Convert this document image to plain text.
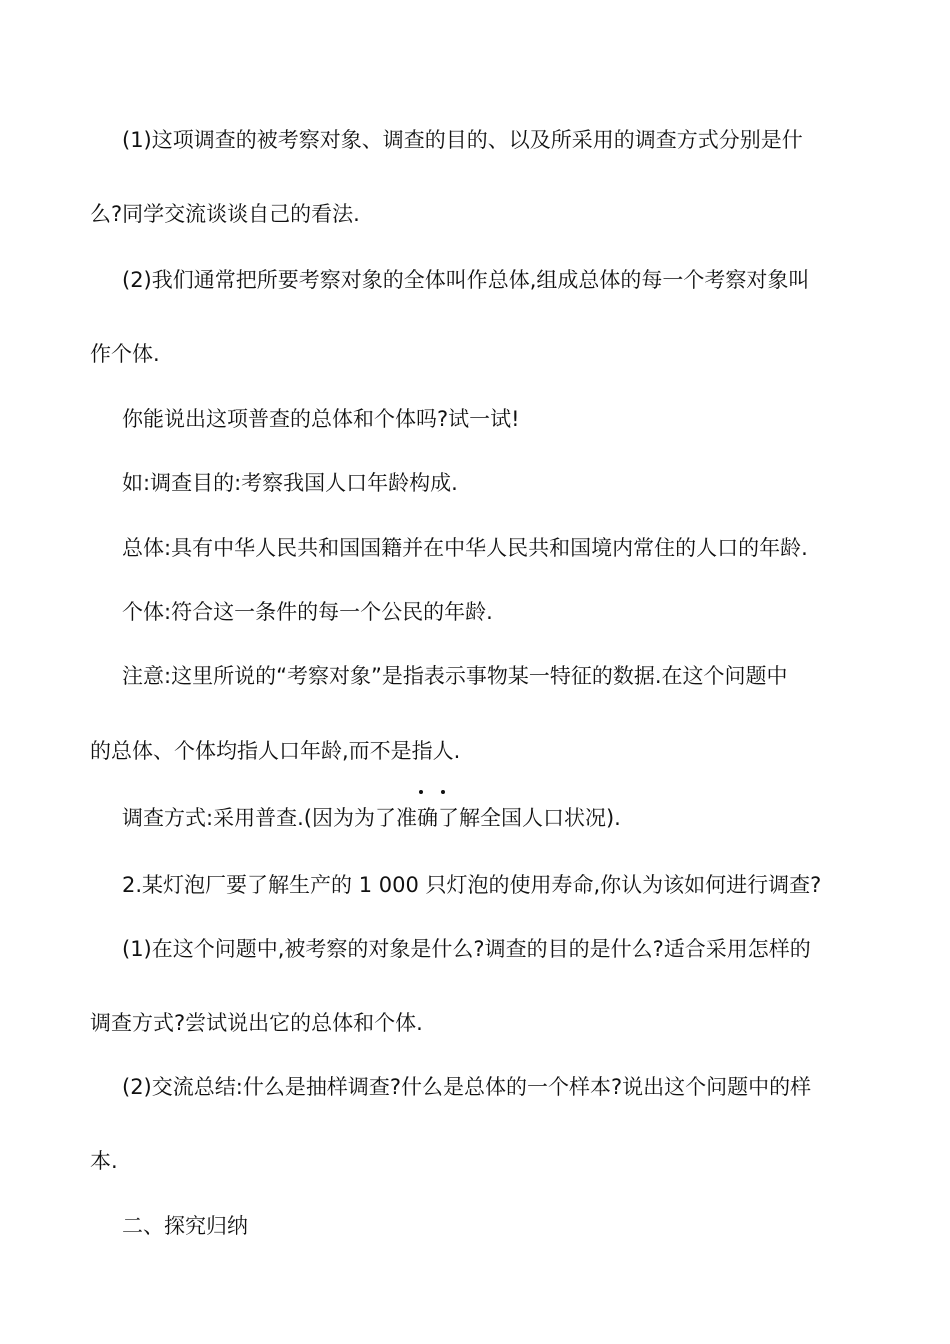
(1)这项调查的被考察对象、调查的目的、以及所采用的调查方式分别是什
么?同学交流谈谈自己的看法.
(2)我们通常把所要考察对象的全体叫作总体,组成总体的每一个考察对象叫
作个体.
你能说出这项普查的总体和个体吗?试一试!
如:调查目的:考察我国人口年龄构成.
总体:具有中华人民共和国国籍并在中华人民共和国境内常住的人口的年龄.
个体:符合这一条件的每一个公民的年龄.
注意:这里所说的“考察对象”是指表示事物某一特征的数据.在这个问题中
的总体、个体均指人口年龄,而不是指人.
调查方式:采用普查.(因为为了准确了解全国人口状况).
2.某灯泡厂要了解生产的 1 000 只灯泡的使用寿命,你认为该如何进行调查?
(1)在这个问题中,被考察的对象是什么?调查的目的是什么?适合采用怎样的
调查方式?尝试说出它的总体和个体.
(2)交流总结:什么是抽样调查?什么是总体的一个样本?说出这个问题中的样
本.
二、探究归纳
